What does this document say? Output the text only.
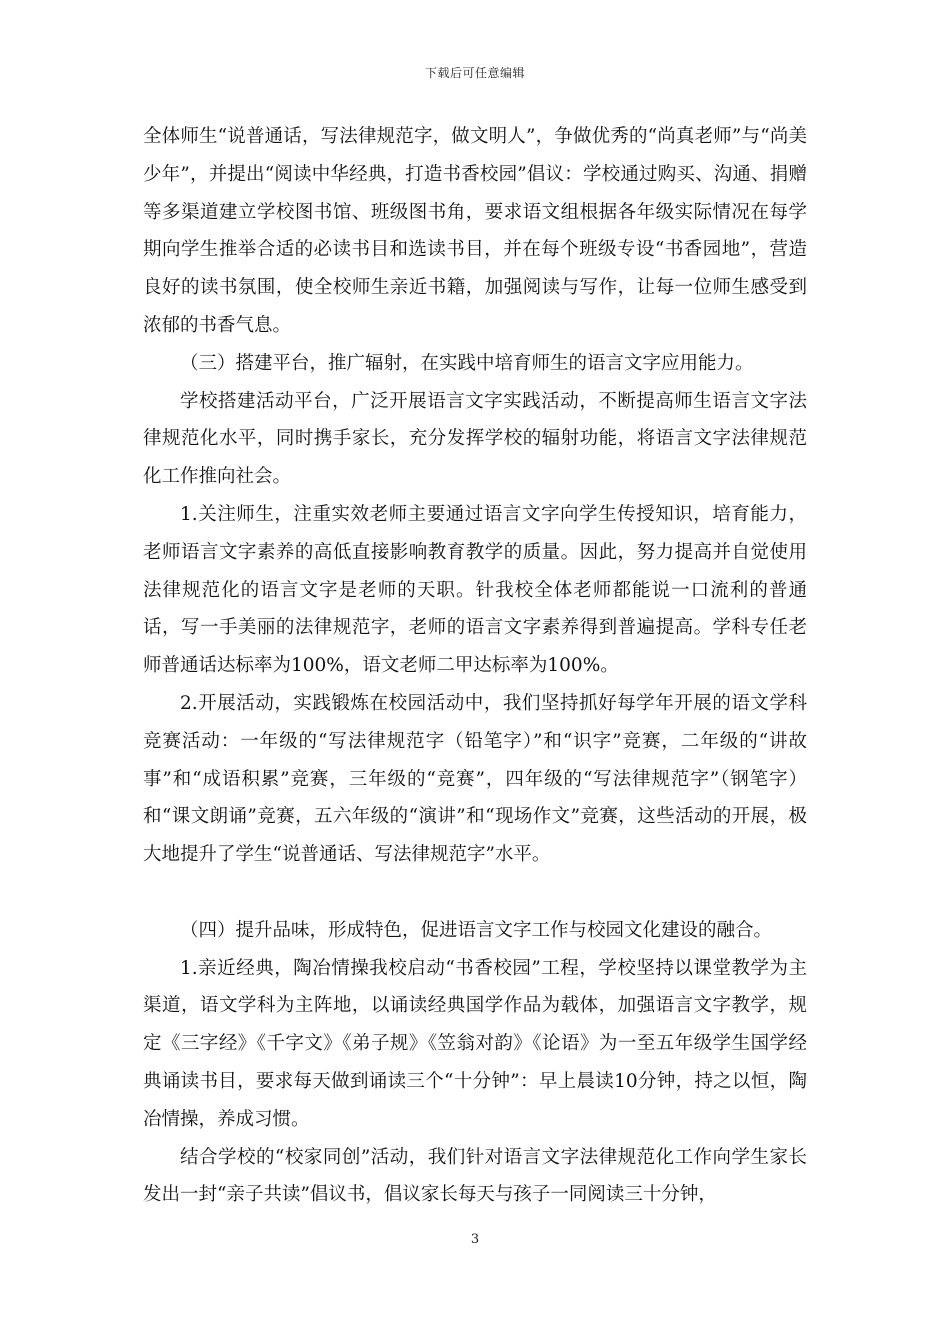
下载后可任意编辑

全体师生“说普通话，写法律规范字，做文明人”，争做优秀的“尚真老师”与“尚美少年”，并提出“阅读中华经典，打造书香校园”倡议：学校通过购买、沟通、捐赠等多渠道建立学校图书馆、班级图书角，要求语文组根据各年级实际情况在每学期向学生推举合适的必读书目和选读书目，并在每个班级专设“书香园地”，营造良好的读书氛围，使全校师生亲近书籍，加强阅读与写作，让每一位师生感受到浓郁的书香气息。

（三）搭建平台，推广辐射，在实践中培育师生的语言文字应用能力。

学校搭建活动平台，广泛开展语言文字实践活动，不断提高师生语言文字法律规范化水平，同时携手家长，充分发挥学校的辐射功能，将语言文字法律规范化工作推向社会。

1.关注师生，注重实效老师主要通过语言文字向学生传授知识，培育能力，老师语言文字素养的高低直接影响教育教学的质量。因此，努力提高并自觉使用法律规范化的语言文字是老师的天职。针我校全体老师都能说一口流利的普通话，写一手美丽的法律规范字，老师的语言文字素养得到普遍提高。学科专任老师普通话达标率为100%，语文老师二甲达标率为100%。

2.开展活动，实践锻炼在校园活动中，我们坚持抓好每学年开展的语文学科竞赛活动：一年级的“写法律规范字（铅笔字）”和“识字”竞赛，二年级的“讲故事”和“成语积累”竞赛，三年级的“竞赛”，四年级的“写法律规范字”（钢笔字）和“课文朗诵”竞赛，五六年级的“演讲”和“现场作文”竞赛，这些活动的开展，极大地提升了学生“说普通话、写法律规范字”水平。

（四）提升品味，形成特色，促进语言文字工作与校园文化建设的融合。

1.亲近经典，陶冶情操我校启动“书香校园”工程，学校坚持以课堂教学为主渠道，语文学科为主阵地，以诵读经典国学作品为载体，加强语言文字教学，规定《三字经》《千字文》《弟子规》《笠翁对韵》《论语》为一至五年级学生国学经典诵读书目，要求每天做到诵读三个“十分钟”：早上晨读10分钟，持之以恒，陶冶情操，养成习惯。

结合学校的“校家同创”活动，我们针对语言文字法律规范化工作向学生家长发出一封“亲子共读”倡议书，倡议家长每天与孩子一同阅读三十分钟，

3
